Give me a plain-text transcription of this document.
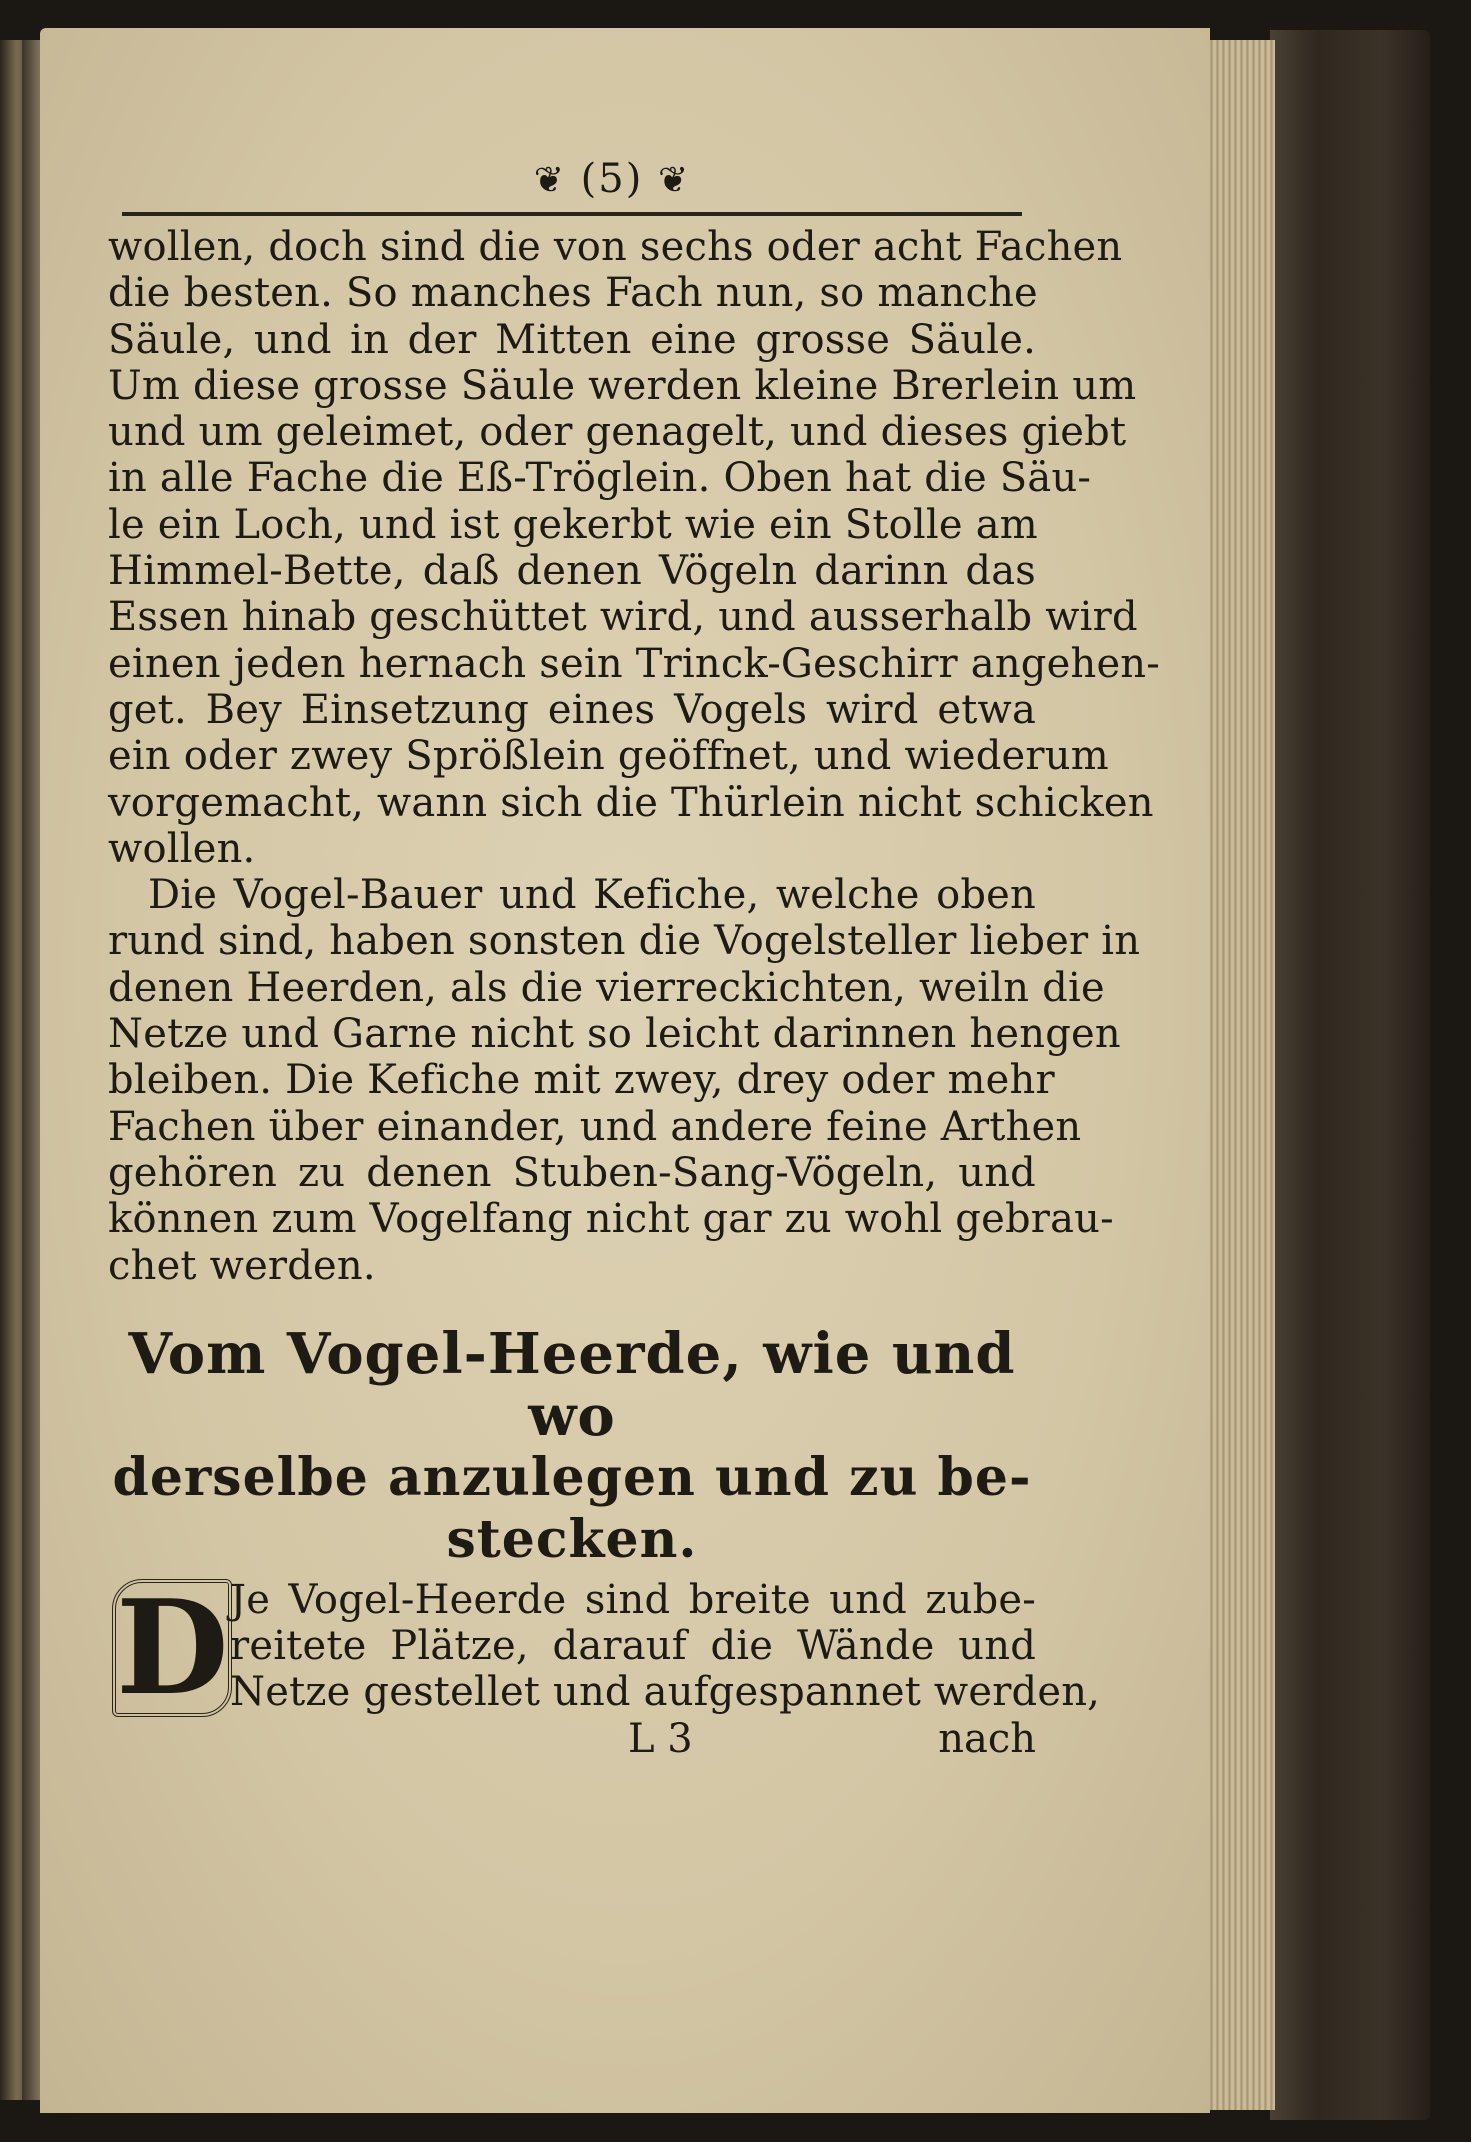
❦ (5) ❦
wollen, doch sind die von sechs oder acht Fachen
die besten. So manches Fach nun, so manche
Säule, und in der Mitten eine grosse Säule.
Um diese grosse Säule werden kleine Brerlein um
und um geleimet, oder genagelt, und dieses giebt
in alle Fache die Eß-Tröglein. Oben hat die Säu-
le ein Loch, und ist gekerbt wie ein Stolle am
Himmel-Bette, daß denen Vögeln darinn das
Essen hinab geschüttet wird, und ausserhalb wird
einen jeden hernach sein Trinck-Geschirr angehen-
get. Bey Einsetzung eines Vogels wird etwa
ein oder zwey Sprößlein geöffnet, und wiederum
vorgemacht, wann sich die Thürlein nicht schicken
wollen.
Die Vogel-Bauer und Kefiche, welche oben
rund sind, haben sonsten die Vogelsteller lieber in
denen Heerden, als die vierreckichten, weiln die
Netze und Garne nicht so leicht darinnen hengen
bleiben. Die Kefiche mit zwey, drey oder mehr
Fachen über einander, und andere feine Arthen
gehören zu denen Stuben-Sang-Vögeln, und
können zum Vogelfang nicht gar zu wohl gebrau-
chet werden.
Vom Vogel-Heerde, wie und wo
derselbe anzulegen und zu be-
stecken.
D Je Vogel-Heerde sind breite und zube-
reitete Plätze, darauf die Wände und
Netze gestellet und aufgespannet werden,
L 3	nach
